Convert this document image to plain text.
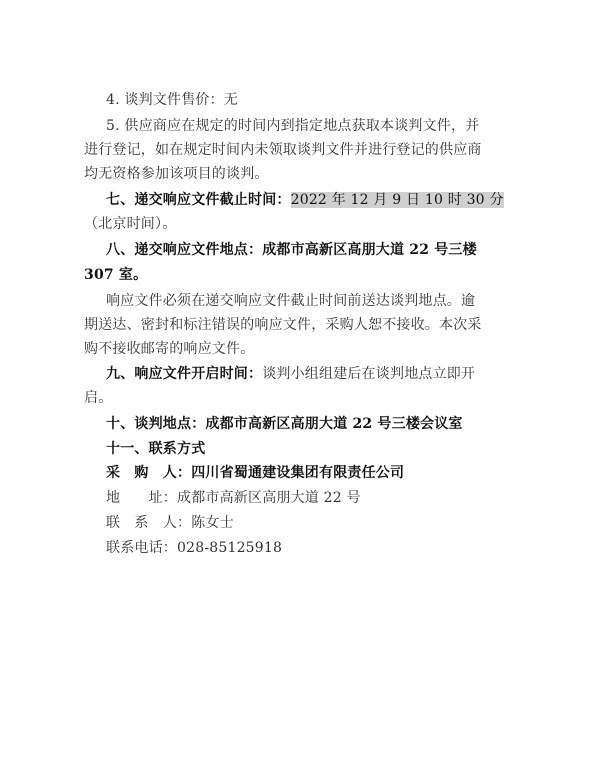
4. 谈判文件售价：无
5. 供应商应在规定的时间内到指定地点获取本谈判文件，并
进行登记，如在规定时间内未领取谈判文件并进行登记的供应商
均无资格参加该项目的谈判。
七、递交响应文件截止时间：2022 年 12 月 9 日 10 时 30 分
（北京时间）。
八、递交响应文件地点：成都市高新区高朋大道 22 号三楼
307 室。
响应文件必须在递交响应文件截止时间前送达谈判地点。逾
期送达、密封和标注错误的响应文件，采购人恕不接收。本次采
购不接收邮寄的响应文件。
九、响应文件开启时间：谈判小组组建后在谈判地点立即开
启。
十、谈判地点：成都市高新区高朋大道 22 号三楼会议室
十一、联系方式
采　购　人：四川省蜀通建设集团有限责任公司
地　　址：成都市高新区高朋大道 22 号
联　系　人：陈女士
联系电话：028-85125918
